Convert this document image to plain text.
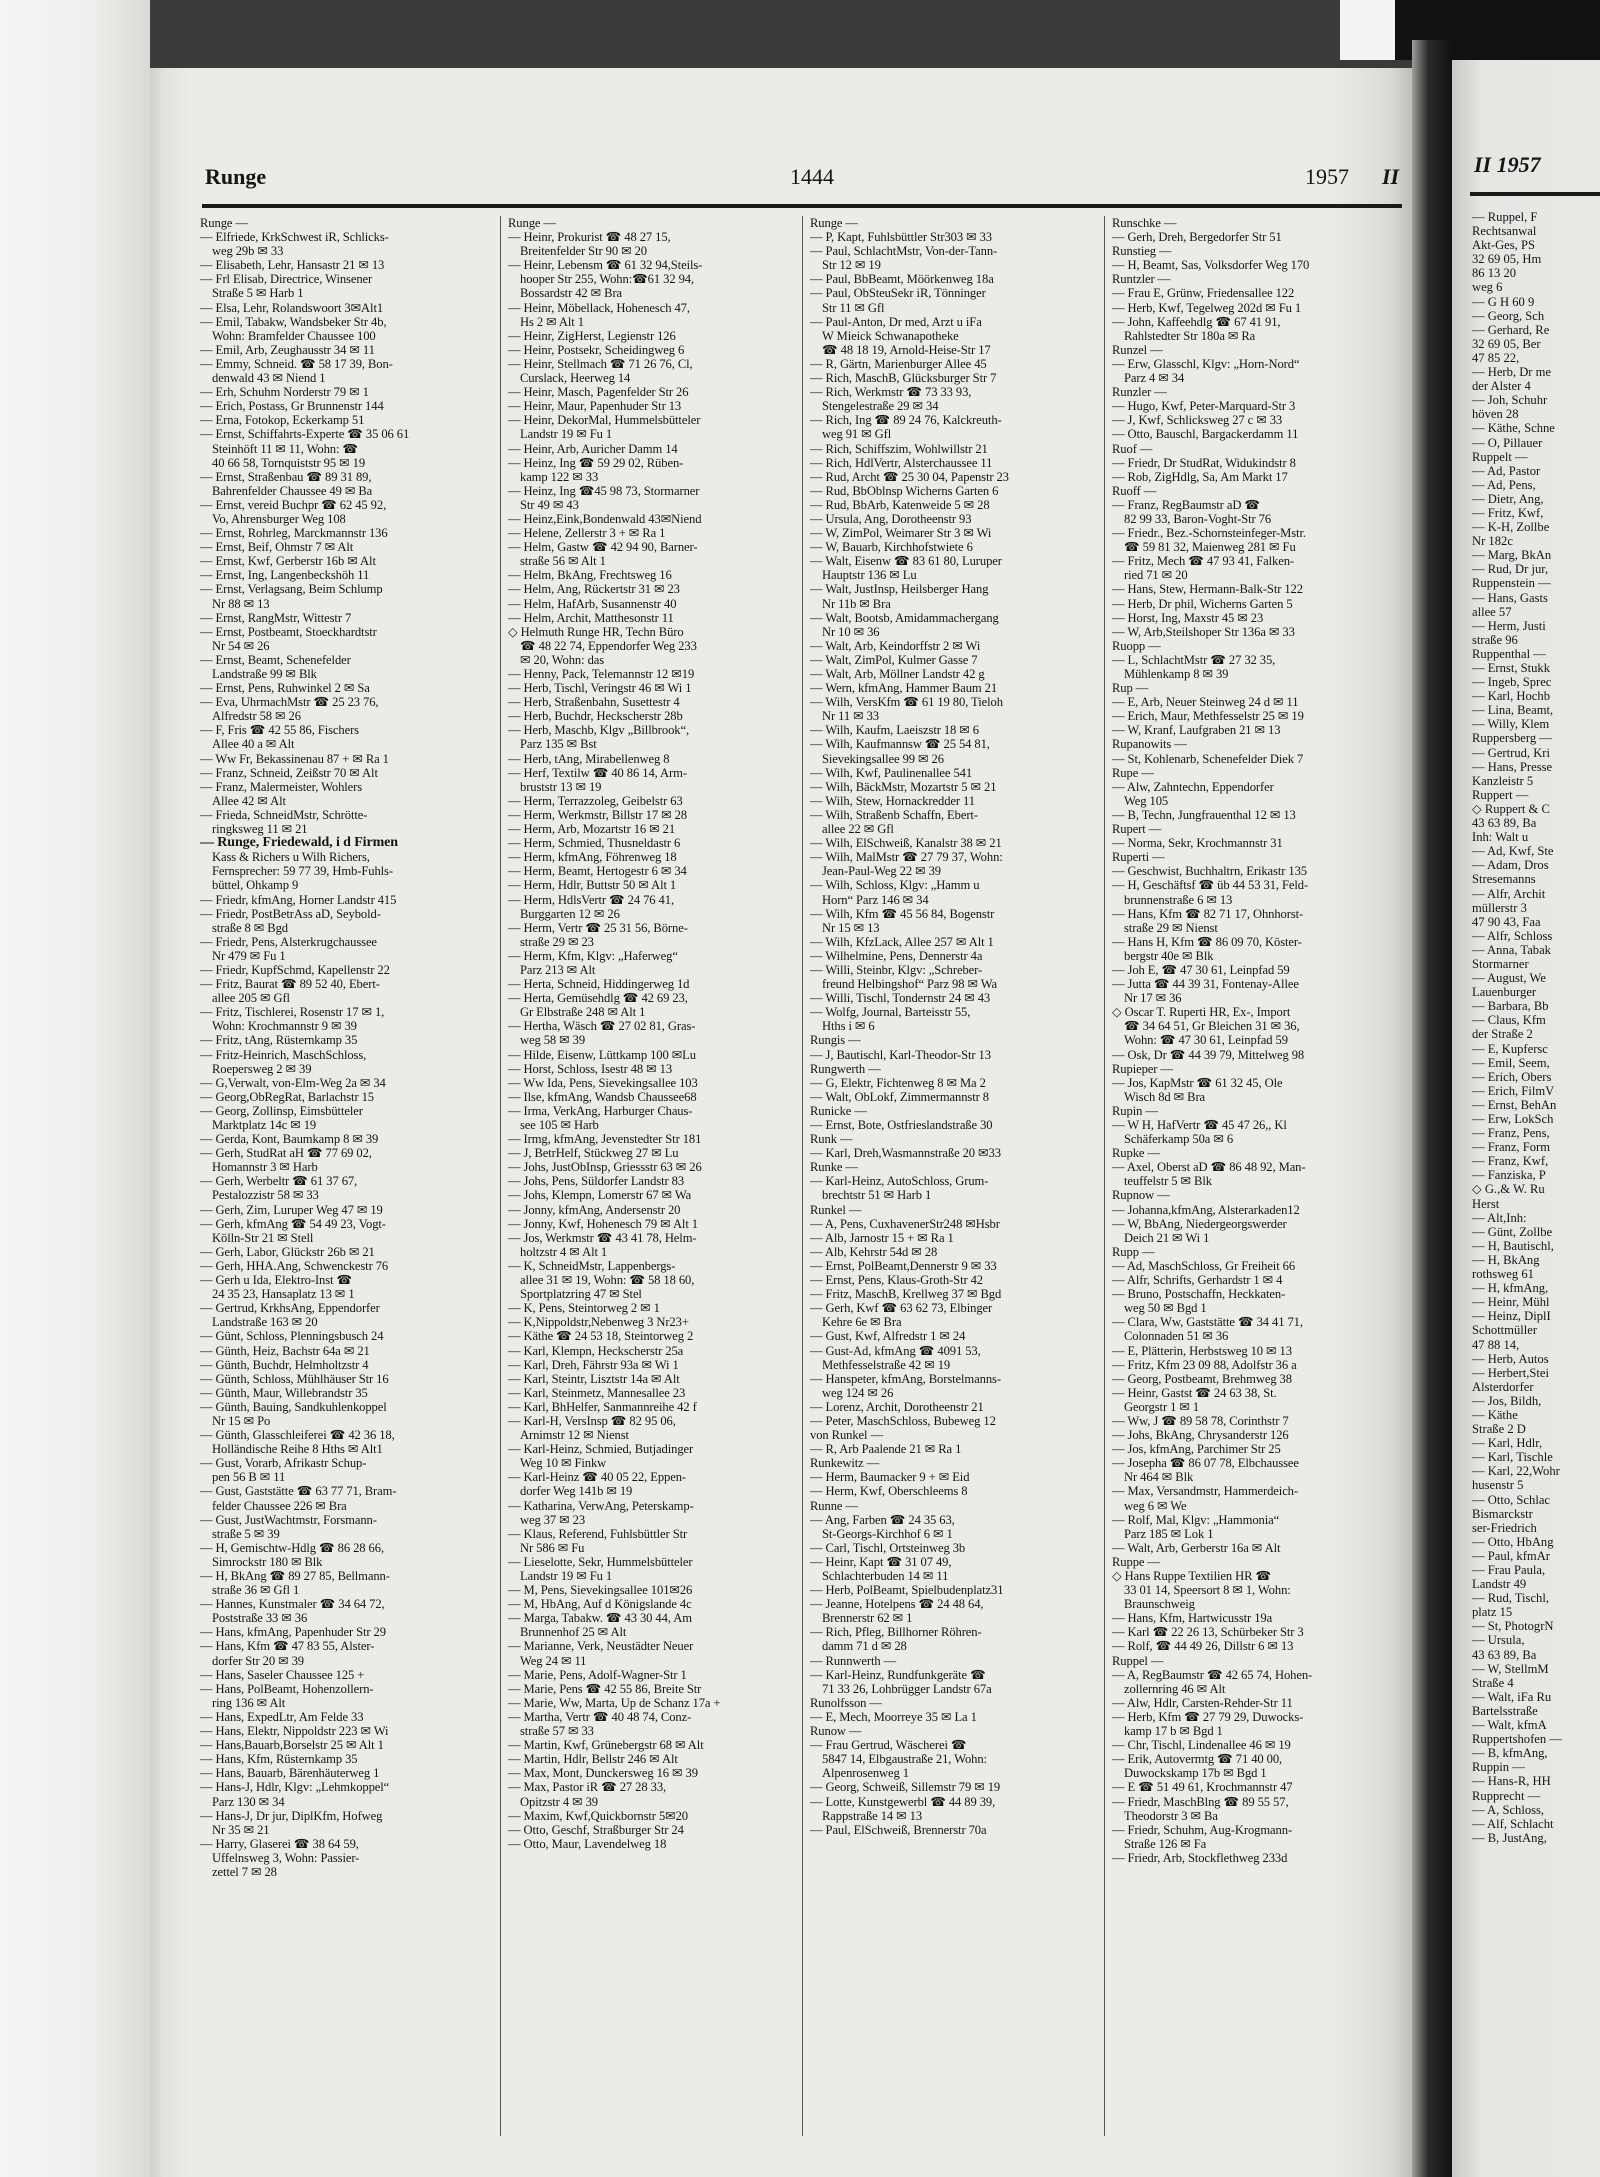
Runge	1444	1957 II
Runge —
— Elfriede, KrkSchwest iR, Schlicks-
weg 29b ✉ 33
— Elisabeth, Lehr, Hansastr 21 ✉ 13
— Frl Elisab, Directrice, Winsener
Straße 5 ✉ Harb 1
— Elsa, Lehr, Rolandswoort 3✉Alt1
— Emil, Tabakw, Wandsbeker Str 4b,
Wohn: Bramfelder Chaussee 100
— Emil, Arb, Zeughausstr 34 ✉ 11
— Emmy, Schneid. ☎ 58 17 39, Bon-
denwald 43 ✉ Niend 1
— Erh, Schuhm Norderstr 79 ✉ 1
— Erich, Postass, Gr Brunnenstr 144
— Erna, Fotokop, Eckerkamp 51
— Ernst, Schiffahrts-Experte ☎ 35 06 61
Steinhöft 11 ✉ 11, Wohn: ☎
40 66 58, Tornquiststr 95 ✉ 19
— Ernst, Straßenbau ☎ 89 31 89,
Bahrenfelder Chaussee 49 ✉ Ba
— Ernst, vereid Buchpr ☎ 62 45 92,
Vo, Ahrensburger Weg 108
— Ernst, Rohrleg, Marckmannstr 136
— Ernst, Beif, Ohmstr 7 ✉ Alt
— Ernst, Kwf, Gerberstr 16b ✉ Alt
— Ernst, Ing, Langenbeckshöh 11
— Ernst, Verlagsang, Beim Schlump
Nr 88 ✉ 13
— Ernst, RangMstr, Wittestr 7
— Ernst, Postbeamt, Stoeckhardtstr
Nr 54 ✉ 26
— Ernst, Beamt, Schenefelder
Landstraße 99 ✉ Blk
— Ernst, Pens, Ruhwinkel 2 ✉ Sa
— Eva, UhrmachMstr ☎ 25 23 76,
Alfredstr 58 ✉ 26
— F, Fris ☎ 42 55 86, Fischers
Allee 40 a ✉ Alt
— Ww Fr, Bekassinenau 87 + ✉ Ra 1
— Franz, Schneid, Zeißstr 70 ✉ Alt
— Franz, Malermeister, Wohlers
Allee 42 ✉ Alt
— Frieda, SchneidMstr, Schrötte-
ringksweg 11 ✉ 21
— Runge, Friedewald, i d Firmen
Kass & Richers u Wilh Richers,
Fernsprecher: 59 77 39, Hmb-Fuhls-
büttel, Ohkamp 9
— Friedr, kfmAng, Horner Landstr 415
— Friedr, PostBetrAss aD, Seybold-
straße 8 ✉ Bgd
— Friedr, Pens, Alsterkrugchaussee
Nr 479 ✉ Fu 1
— Friedr, KupfSchmd, Kapellenstr 22
— Fritz, Baurat ☎ 89 52 40, Ebert-
allee 205 ✉ Gfl
— Fritz, Tischlerei, Rosenstr 17 ✉ 1,
Wohn: Krochmannstr 9 ✉ 39
— Fritz, tAng, Rüsternkamp 35
— Fritz-Heinrich, MaschSchloss,
Roepersweg 2 ✉ 39
— G,Verwalt, von-Elm-Weg 2a ✉ 34
— Georg,ObRegRat, Barlachstr 15
— Georg, Zollinsp, Eimsbütteler
Marktplatz 14c ✉ 19
— Gerda, Kont, Baumkamp 8 ✉ 39
— Gerh, StudRat aH ☎ 77 69 02,
Homannstr 3 ✉ Harb
— Gerh, Werbeltr ☎ 61 37 67,
Pestalozzistr 58 ✉ 33
— Gerh, Zim, Luruper Weg 47 ✉ 19
— Gerh, kfmAng ☎ 54 49 23, Vogt-
Kölln-Str 21 ✉ Stell
— Gerh, Labor, Glückstr 26b ✉ 21
— Gerh, HHA.Ang, Schwenckestr 76
— Gerh u Ida, Elektro-Inst ☎
24 35 23, Hansaplatz 13 ✉ 1
— Gertrud, KrkhsAng, Eppendorfer
Landstraße 163 ✉ 20
— Günt, Schloss, Plenningsbusch 24
— Günth, Heiz, Bachstr 64a ✉ 21
— Günth, Buchdr, Helmholtzstr 4
— Günth, Schloss, Mühlhäuser Str 16
— Günth, Maur, Willebrandstr 35
— Günth, Bauing, Sandkuhlenkoppel
Nr 15 ✉ Po
— Günth, Glasschleiferei ☎ 42 36 18,
Holländische Reihe 8 Hths ✉ Alt1
— Gust, Vorarb, Afrikastr Schup-
pen 56 B ✉ 11
— Gust, Gaststätte ☎ 63 77 71, Bram-
felder Chaussee 226 ✉ Bra
— Gust, JustWachtmstr, Forsmann-
straße 5 ✉ 39
— H, Gemischtw-Hdlg ☎ 86 28 66,
Simrockstr 180 ✉ Blk
— H, BkAng ☎ 89 27 85, Bellmann-
straße 36 ✉ Gfl 1
— Hannes, Kunstmaler ☎ 34 64 72,
Poststraße 33 ✉ 36
— Hans, kfmAng, Papenhuder Str 29
— Hans, Kfm ☎ 47 83 55, Alster-
dorfer Str 20 ✉ 39
— Hans, Saseler Chaussee 125 +
— Hans, PolBeamt, Hohenzollern-
ring 136 ✉ Alt
— Hans, ExpedLtr, Am Felde 33
— Hans, Elektr, Nippoldstr 223 ✉ Wi
— Hans,Bauarb,Borselstr 25 ✉ Alt 1
— Hans, Kfm, Rüsternkamp 35
— Hans, Bauarb, Bärenhäuterweg 1
— Hans-J, Hdlr, Klgv: „Lehmkoppel“
Parz 130 ✉ 34
— Hans-J, Dr jur, DiplKfm, Hofweg
Nr 35 ✉ 21
— Harry, Glaserei ☎ 38 64 59,
Uffelnsweg 3, Wohn: Passier-
zettel 7 ✉ 28
Runge —
— Heinr, Prokurist ☎ 48 27 15,
Breitenfelder Str 90 ✉ 20
— Heinr, Lebensm ☎ 61 32 94,Steils-
hooper Str 255, Wohn:☎61 32 94,
Bossardstr 42 ✉ Bra
— Heinr, Möbellack, Hohenesch 47,
Hs 2 ✉ Alt 1
— Heinr, ZigHerst, Legienstr 126
— Heinr, Postsekr, Scheidingweg 6
— Heinr, Stellmach ☎ 71 26 76, Cl,
Curslack, Heerweg 14
— Heinr, Masch, Pagenfelder Str 26
— Heinr, Maur, Papenhuder Str 13
— Heinr, DekorMal, Hummelsbütteler
Landstr 19 ✉ Fu 1
— Heinr, Arb, Auricher Damm 14
— Heinz, Ing ☎ 59 29 02, Rüben-
kamp 122 ✉ 33
— Heinz, Ing ☎45 98 73, Stormarner
Str 49 ✉ 43
— Heinz,Eink,Bondenwald 43✉Niend
— Helene, Zellerstr 3 + ✉ Ra 1
— Helm, Gastw ☎ 42 94 90, Barner-
straße 56 ✉ Alt 1
— Helm, BkAng, Frechtsweg 16
— Helm, Ang, Rückertstr 31 ✉ 23
— Helm, HafArb, Susannenstr 40
— Helm, Archit, Matthesonstr 11
◇ Helmuth Runge HR, Techn Büro
☎ 48 22 74, Eppendorfer Weg 233
✉ 20, Wohn: das
— Henny, Pack, Telemannstr 12 ✉19
— Herb, Tischl, Veringstr 46 ✉ Wi 1
— Herb, Straßenbahn, Susettestr 4
— Herb, Buchdr, Heckscherstr 28b
— Herb, Maschb, Klgv „Billbrook“,
Parz 135 ✉ Bst
— Herb, tAng, Mirabellenweg 8
— Herf, Textilw ☎ 40 86 14, Arm-
bruststr 13 ✉ 19
— Herm, Terrazzoleg, Geibelstr 63
— Herm, Werkmstr, Billstr 17 ✉ 28
— Herm, Arb, Mozartstr 16 ✉ 21
— Herm, Schmied, Thusneldastr 6
— Herm, kfmAng, Föhrenweg 18
— Herm, Beamt, Hertogestr 6 ✉ 34
— Herm, Hdlr, Buttstr 50 ✉ Alt 1
— Herm, HdlsVertr ☎ 24 76 41,
Burggarten 12 ✉ 26
— Herm, Vertr ☎ 25 31 56, Börne-
straße 29 ✉ 23
— Herm, Kfm, Klgv: „Haferweg“
Parz 213 ✉ Alt
— Herta, Schneid, Hiddingerweg 1d
— Herta, Gemüsehdlg ☎ 42 69 23,
Gr Elbstraße 248 ✉ Alt 1
— Hertha, Wäsch ☎ 27 02 81, Gras-
weg 58 ✉ 39
— Hilde, Eisenw, Lüttkamp 100 ✉Lu
— Horst, Schloss, Isestr 48 ✉ 13
— Ww Ida, Pens, Sievekingsallee 103
— Ilse, kfmAng, Wandsb Chaussee68
— Irma, VerkAng, Harburger Chaus-
see 105 ✉ Harb
— Irmg, kfmAng, Jevenstedter Str 181
— J, BetrHelf, Stückweg 27 ✉ Lu
— Johs, JustObInsp, Griessstr 63 ✉ 26
— Johs, Pens, Süldorfer Landstr 83
— Johs, Klempn, Lomerstr 67 ✉ Wa
— Jonny, kfmAng, Andersenstr 20
— Jonny, Kwf, Hohenesch 79 ✉ Alt 1
— Jos, Werkmstr ☎ 43 41 78, Helm-
holtzstr 4 ✉ Alt 1
— K, SchneidMstr, Lappenbergs-
allee 31 ✉ 19, Wohn: ☎ 58 18 60,
Sportplatzring 47 ✉ Stel
— K, Pens, Steintorweg 2 ✉ 1
— K,Nippoldstr,Nebenweg 3 Nr23+
— Käthe ☎ 24 53 18, Steintorweg 2
— Karl, Klempn, Heckscherstr 25a
— Karl, Dreh, Fährstr 93a ✉ Wi 1
— Karl, Steintr, Lisztstr 14a ✉ Alt
— Karl, Steinmetz, Mannesallee 23
— Karl, BhHelfer, Sanmannreihe 42 f
— Karl-H, VersInsp ☎ 82 95 06,
Arnimstr 12 ✉ Nienst
— Karl-Heinz, Schmied, Butjadinger
Weg 10 ✉ Finkw
— Karl-Heinz ☎ 40 05 22, Eppen-
dorfer Weg 141b ✉ 19
— Katharina, VerwAng, Peterskamp-
weg 37 ✉ 23
— Klaus, Referend, Fuhlsbüttler Str
Nr 586 ✉ Fu
— Lieselotte, Sekr, Hummelsbütteler
Landstr 19 ✉ Fu 1
— M, Pens, Sievekingsallee 101✉26
— M, HbAng, Auf d Königslande 4c
— Marga, Tabakw. ☎ 43 30 44, Am
Brunnenhof 25 ✉ Alt
— Marianne, Verk, Neustädter Neuer
Weg 24 ✉ 11
— Marie, Pens, Adolf-Wagner-Str 1
— Marie, Pens ☎ 42 55 86, Breite Str
— Marie, Ww, Marta, Up de Schanz 17a +
— Martha, Vertr ☎ 40 48 74, Conz-
straße 57 ✉ 33
— Martin, Kwf, Grünebergstr 68 ✉ Alt
— Martin, Hdlr, Bellstr 246 ✉ Alt
— Max, Mont, Dunckersweg 16 ✉ 39
— Max, Pastor iR ☎ 27 28 33,
Opitzstr 4 ✉ 39
— Maxim, Kwf,Quickbornstr 5✉20
— Otto, Geschf, Straßburger Str 24
— Otto, Maur, Lavendelweg 18
Runge —
— P, Kapt, Fuhlsbüttler Str303 ✉ 33
— Paul, SchlachtMstr, Von-der-Tann-
Str 12 ✉ 19
— Paul, BbBeamt, Möörkenweg 18a
— Paul, ObSteuSekr iR, Tönninger
Str 11 ✉ Gfl
— Paul-Anton, Dr med, Arzt u iFa
W Mieick Schwanapotheke
☎ 48 18 19, Arnold-Heise-Str 17
— R, Gärtn, Marienburger Allee 45
— Rich, MaschB, Glücksburger Str 7
— Rich, Werkmstr ☎ 73 33 93,
Stengelestraße 29 ✉ 34
— Rich, Ing ☎ 89 24 76, Kalckreuth-
weg 91 ✉ Gfl
— Rich, Schiffszim, Wohlwillstr 21
— Rich, HdlVertr, Alsterchaussee 11
— Rud, Archt ☎ 25 30 04, Papenstr 23
— Rud, BbOblnsp Wicherns Garten 6
— Rud, BbArb, Katenweide 5 ✉ 28
— Ursula, Ang, Dorotheenstr 93
— W, ZimPol, Weimarer Str 3 ✉ Wi
— W, Bauarb, Kirchhofstwiete 6
— Walt, Eisenw ☎ 83 61 80, Luruper
Hauptstr 136 ✉ Lu
— Walt, JustInsp, Heilsberger Hang
Nr 11b ✉ Bra
— Walt, Bootsb, Amidammachergang
Nr 10 ✉ 36
— Walt, Arb, Keindorffstr 2 ✉ Wi
— Walt, ZimPol, Kulmer Gasse 7
— Walt, Arb, Möllner Landstr 42 g
— Wern, kfmAng, Hammer Baum 21
— Wilh, VersKfm ☎ 61 19 80, Tieloh
Nr 11 ✉ 33
— Wilh, Kaufm, Laeiszstr 18 ✉ 6
— Wilh, Kaufmannsw ☎ 25 54 81,
Sievekingsallee 99 ✉ 26
— Wilh, Kwf, Paulinenallee 541
— Wilh, BäckMstr, Mozartstr 5 ✉ 21
— Wilh, Stew, Hornackredder 11
— Wilh, Straßenb Schaffn, Ebert-
allee 22 ✉ Gfl
— Wilh, ElSchweiß, Kanalstr 38 ✉ 21
— Wilh, MalMstr ☎ 27 79 37, Wohn:
Jean-Paul-Weg 22 ✉ 39
— Wilh, Schloss, Klgv: „Hamm u
Horn“ Parz 146 ✉ 34
— Wilh, Kfm ☎ 45 56 84, Bogenstr
Nr 15 ✉ 13
— Wilh, KfzLack, Allee 257 ✉ Alt 1
— Wilhelmine, Pens, Dennerstr 4a
— Willi, Steinbr, Klgv: „Schreber-
freund Helbingshof“ Parz 98 ✉ Wa
— Willi, Tischl, Tondernstr 24 ✉ 43
— Wolfg, Journal, Barteisstr 55,
Hths i ✉ 6
Rungis —
— J, Bautischl, Karl-Theodor-Str 13
Rungwerth —
— G, Elektr, Fichtenweg 8 ✉ Ma 2
— Walt, ObLokf, Zimmermannstr 8
Runicke —
— Ernst, Bote, Ostfrieslandstraße 30
Runk —
— Karl, Dreh,Wasmannstraße 20 ✉33
Runke —
— Karl-Heinz, AutoSchloss, Grum-
brechtstr 51 ✉ Harb 1
Runkel —
— A, Pens, CuxhavenerStr248 ✉Hsbr
— Alb, Jarnostr 15 + ✉ Ra 1
— Alb, Kehrstr 54d ✉ 28
— Ernst, PolBeamt,Dennerstr 9 ✉ 33
— Ernst, Pens, Klaus-Groth-Str 42
— Fritz, MaschB, Krellweg 37 ✉ Bgd
— Gerh, Kwf ☎ 63 62 73, Elbinger
Kehre 6e ✉ Bra
— Gust, Kwf, Alfredstr 1 ✉ 24
— Gust-Ad, kfmAng ☎ 4091 53,
Methfesselstraße 42 ✉ 19
— Hanspeter, kfmAng, Borstelmanns-
weg 124 ✉ 26
— Lorenz, Archit, Dorotheenstr 21
— Peter, MaschSchloss, Bubeweg 12
von Runkel —
— R, Arb Paalende 21 ✉ Ra 1
Runkewitz —
— Herm, Baumacker 9 + ✉ Eid
— Herm, Kwf, Oberschleems 8
Runne —
— Ang, Farben ☎ 24 35 63,
St-Georgs-Kirchhof 6 ✉ 1
— Carl, Tischl, Ortsteinweg 3b
— Heinr, Kapt ☎ 31 07 49,
Schlachterbuden 14 ✉ 11
— Herb, PolBeamt, Spielbudenplatz31
— Jeanne, Hotelpens ☎ 24 48 64,
Brennerstr 62 ✉ 1
— Rich, Pfleg, Billhorner Röhren-
damm 71 d ✉ 28
— Runnwerth —
— Karl-Heinz, Rundfunkgeräte ☎
71 33 26, Lohbrügger Landstr 67a
Runolfsson —
— E, Mech, Moorreye 35 ✉ La 1
Runow —
— Frau Gertrud, Wäscherei ☎
5847 14, Elbgaustraße 21, Wohn:
Alpenrosenweg 1
— Georg, Schweiß, Sillemstr 79 ✉ 19
— Lotte, Kunstgewerbl ☎ 44 89 39,
Rappstraße 14 ✉ 13
— Paul, ElSchweiß, Brennerstr 70a
Runschke —
— Gerh, Dreh, Bergedorfer Str 51
Runstieg —
— H, Beamt, Sas, Volksdorfer Weg 170
Runtzler —
— Frau E, Grünw, Friedensallee 122
— Herb, Kwf, Tegelweg 202d ✉ Fu 1
— John, Kaffeehdlg ☎ 67 41 91,
Rahlstedter Str 180a ✉ Ra
Runzel —
— Erw, Glasschl, Klgv: „Horn-Nord“
Parz 4 ✉ 34
Runzler —
— Hugo, Kwf, Peter-Marquard-Str 3
— J, Kwf, Schlicksweg 27 c ✉ 33
— Otto, Bauschl, Bargackerdamm 11
Ruof —
— Friedr, Dr StudRat, Widukindstr 8
— Rob, ZigHdlg, Sa, Am Markt 17
Ruoff —
— Franz, RegBaumstr aD ☎
82 99 33, Baron-Voght-Str 76
— Friedr., Bez.-Schornsteinfeger-Mstr.
☎ 59 81 32, Maienweg 281 ✉ Fu
— Fritz, Mech ☎ 47 93 41, Falken-
ried 71 ✉ 20
— Hans, Stew, Hermann-Balk-Str 122
— Herb, Dr phil, Wicherns Garten 5
— Horst, Ing, Maxstr 45 ✉ 23
— W, Arb,Steilshoper Str 136a ✉ 33
Ruopp —
— L, SchlachtMstr ☎ 27 32 35,
Mühlenkamp 8 ✉ 39
Rup —
— E, Arb, Neuer Steinweg 24 d ✉ 11
— Erich, Maur, Methfesselstr 25 ✉ 19
— W, Kranf, Laufgraben 21 ✉ 13
Rupanowits —
— St, Kohlenarb, Schenefelder Diek 7
Rupe —
— Alw, Zahntechn, Eppendorfer
Weg 105
— B, Techn, Jungfrauenthal 12 ✉ 13
Rupert —
— Norma, Sekr, Krochmannstr 31
Ruperti —
— Geschwist, Buchhaltrn, Erikastr 135
— H, Geschäftsf ☎ üb 44 53 31, Feld-
brunnenstraße 6 ✉ 13
— Hans, Kfm ☎ 82 71 17, Ohnhorst-
straße 29 ✉ Nienst
— Hans H, Kfm ☎ 86 09 70, Köster-
bergstr 40e ✉ Blk
— Joh E, ☎ 47 30 61, Leinpfad 59
— Jutta ☎ 44 39 31, Fontenay-Allee
Nr 17 ✉ 36
◇ Oscar T. Ruperti HR, Ex-, Import
☎ 34 64 51, Gr Bleichen 31 ✉ 36,
Wohn: ☎ 47 30 61, Leinpfad 59
— Osk, Dr ☎ 44 39 79, Mittelweg 98
Rupieper —
— Jos, KapMstr ☎ 61 32 45, Ole
Wisch 8d ✉ Bra
Rupin —
— W H, HafVertr ☎ 45 47 26,, Kl
Schäferkamp 50a ✉ 6
Rupke —
— Axel, Oberst aD ☎ 86 48 92, Man-
teuffelstr 5 ✉ Blk
Rupnow —
— Johanna,kfmAng, Alsterarkaden12
— W, BbAng, Niedergeorgswerder
Deich 21 ✉ Wi 1
Rupp —
— Ad, MaschSchloss, Gr Freiheit 66
— Alfr, Schrifts, Gerhardstr 1 ✉ 4
— Bruno, Postschaffn, Heckkaten-
weg 50 ✉ Bgd 1
— Clara, Ww, Gaststätte ☎ 34 41 71,
Colonnaden 51 ✉ 36
— E, Plätterin, Herbstsweg 10 ✉ 13
— Fritz, Kfm 23 09 88, Adolfstr 36 a
— Georg, Postbeamt, Brehmweg 38
— Heinr, Gastst ☎ 24 63 38, St.
Georgstr 1 ✉ 1
— Ww, J ☎ 89 58 78, Corinthstr 7
— Johs, BkAng, Chrysanderstr 126
— Jos, kfmAng, Parchimer Str 25
— Josepha ☎ 86 07 78, Elbchaussee
Nr 464 ✉ Blk
— Max, Versandmstr, Hammerdeich-
weg 6 ✉ We
— Rolf, Mal, Klgv: „Hammonia“
Parz 185 ✉ Lok 1
— Walt, Arb, Gerberstr 16a ✉ Alt
Ruppe —
◇ Hans Ruppe Textilien HR ☎
33 01 14, Speersort 8 ✉ 1, Wohn:
Braunschweig
— Hans, Kfm, Hartwicusstr 19a
— Karl ☎ 22 26 13, Schürbeker Str 3
— Rolf, ☎ 44 49 26, Dillstr 6 ✉ 13
Ruppel —
— A, RegBaumstr ☎ 42 65 74, Hohen-
zollernring 46 ✉ Alt
— Alw, Hdlr, Carsten-Rehder-Str 11
— Herb, Kfm ☎ 27 79 29, Duwocks-
kamp 17 b ✉ Bgd 1
— Chr, Tischl, Lindenallee 46 ✉ 19
— Erik, Autovermtg ☎ 71 40 00,
Duwockskamp 17b ✉ Bgd 1
— E ☎ 51 49 61, Krochmannstr 47
— Friedr, MaschBlng ☎ 89 55 57,
Theodorstr 3 ✉ Ba
— Friedr, Schuhm, Aug-Krogmann-
Straße 126 ✉ Fa
— Friedr, Arb, Stockflethweg 233d
II 1957
— Ruppel, F
Rechtsanwal
Akt-Ges, PS
32 69 05, Hm
86 13 20
weg 6
— G H 60 9
— Georg, Sch
— Gerhard, Re
32 69 05, Ber
47 85 22,
— Herb, Dr me
der Alster 4
— Joh, Schuhr
höven 28
— Käthe, Schne
— O, Pillauer
Ruppelt —
— Ad, Pastor
— Ad, Pens,
— Dietr, Ang,
— Fritz, Kwf,
— K-H, Zollbe
Nr 182c
— Marg, BkAn
— Rud, Dr jur,
Ruppenstein —
— Hans, Gasts
allee 57
— Herm, Justi
straße 96
Ruppenthal —
— Ernst, Stukk
— Ingeb, Sprec
— Karl, Hochb
— Lina, Beamt,
— Willy, Klem
Ruppersberg —
— Gertrud, Kri
— Hans, Presse
Kanzleistr 5
Ruppert —
◇ Ruppert & C
43 63 89, Ba
Inh: Walt u
— Ad, Kwf, Ste
— Adam, Dros
Stresemanns
— Alfr, Archit
müllerstr 3
47 90 43, Faa
— Alfr, Schloss
— Anna, Tabak
Stormarner
— August, We
Lauenburger
— Barbara, Bb
— Claus, Kfm
der Straße 2
— E, Kupfersc
— Emil, Seem,
— Erich, Obers
— Erich, FilmV
— Ernst, BehAn
— Erw, LokSch
— Franz, Pens,
— Franz, Form
— Franz, Kwf,
— Fanziska, P
◇ G.,& W. Ru
Herst
— Alt,Inh:
— Günt, Zollbe
— H, Bautischl,
— H, BkAng
rothsweg 61
— H, kfmAng,
— Heinr, Mühl
— Heinz, DiplI
Schottmüller
47 88 14,
— Herb, Autos
— Herbert,Stei
Alsterdorfer
— Jos, Bildh,
— Käthe
Straße 2 D
— Karl, Hdlr,
— Karl, Tischle
— Karl, 22,Wohr
husenstr 5
— Otto, Schlac
Bismarckstr
ser-Friedrich
— Otto, HbAng
— Paul, kfmAr
— Frau Paula,
Landstr 49
— Rud, Tischl,
platz 15
— St, PhotogrN
— Ursula,
43 63 89, Ba
— W, StellmM
Straße 4
— Walt, iFa Ru
Bartelsstraße
— Walt, kfmA
Ruppertshofen —
— B, kfmAng,
Ruppin —
— Hans-R, HH
Rupprecht —
— A, Schloss,
— Alf, Schlacht
— B, JustAng,
